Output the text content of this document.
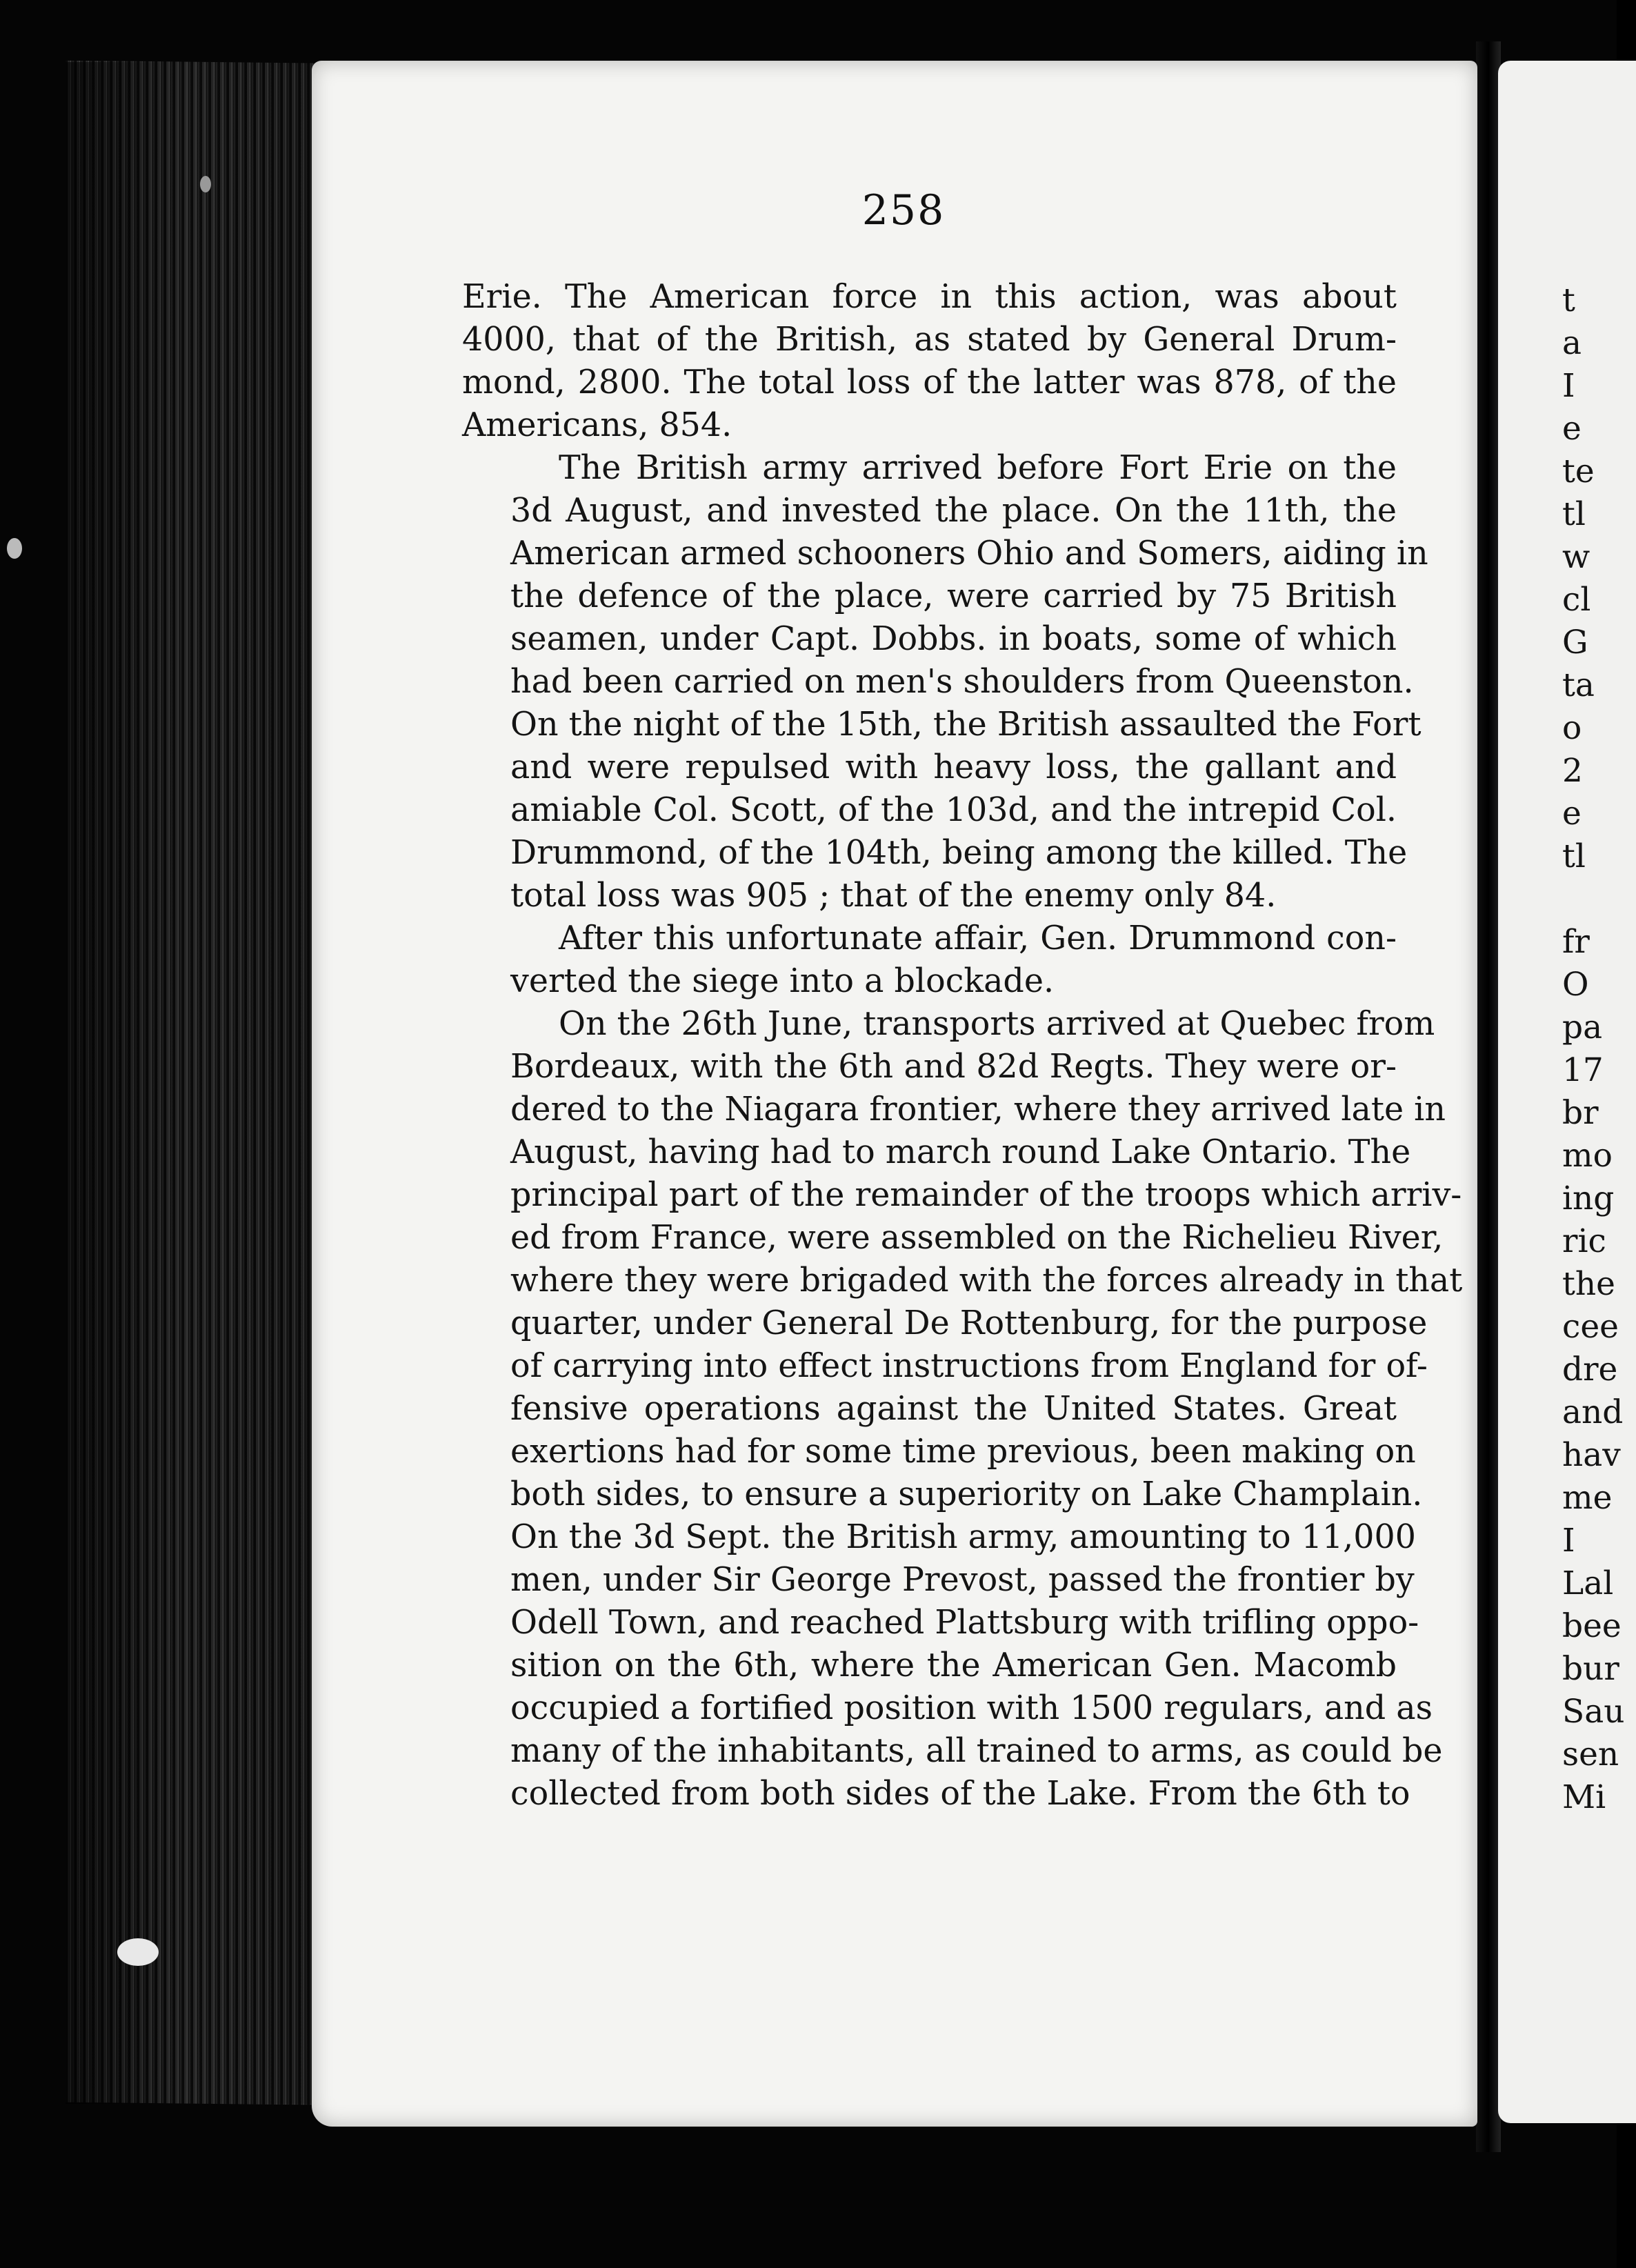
258
Erie. The American force in this action, was about
4000, that of the British, as stated by General Drum-
mond, 2800. The total loss of the latter was 878, of the
Americans, 854.
The British army arrived before Fort Erie on the
3d August, and invested the place. On the 11th, the
American armed schooners Ohio and Somers, aiding in
the defence of the place, were carried by 75 British
seamen, under Capt. Dobbs. in boats, some of which
had been carried on men's shoulders from Queenston.
On the night of the 15th, the British assaulted the Fort
and were repulsed with heavy loss, the gallant and
amiable Col. Scott, of the 103d, and the intrepid Col.
Drummond, of the 104th, being among the killed. The
total loss was 905 ; that of the enemy only 84.
After this unfortunate affair, Gen. Drummond con-
verted the siege into a blockade.
On the 26th June, transports arrived at Quebec from
Bordeaux, with the 6th and 82d Regts. They were or-
dered to the Niagara frontier, where they arrived late in
August, having had to march round Lake Ontario. The
principal part of the remainder of the troops which arriv-
ed from France, were assembled on the Richelieu River,
where they were brigaded with the forces already in that
quarter, under General De Rottenburg, for the purpose
of carrying into effect instructions from England for of-
fensive operations against the United States. Great
exertions had for some time previous, been making on
both sides, to ensure a superiority on Lake Champlain.
On the 3d Sept. the British army, amounting to 11,000
men, under Sir George Prevost, passed the frontier by
Odell Town, and reached Plattsburg with trifling oppo-
sition on the 6th, where the American Gen. Macomb
occupied a fortified position with 1500 regulars, and as
many of the inhabitants, all trained to arms, as could be
collected from both sides of the Lake. From the 6th to
t
a
I
e
te
tl
w
cl
G
ta
o
2
e
tl
fr
O
pa
17
br
mo
ing
ric
the
cee
dre
and
hav
me
I
Lal
bee
bur
Sau
sen
Mi
